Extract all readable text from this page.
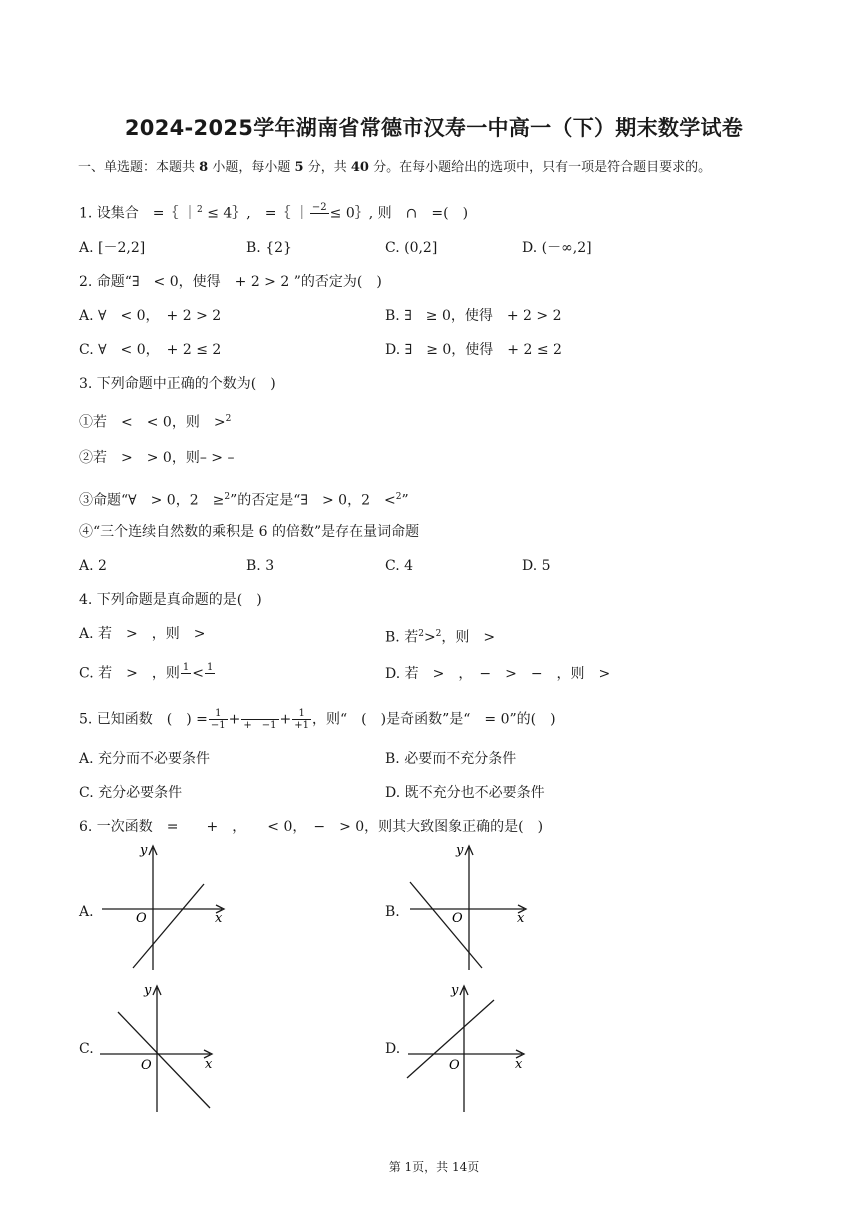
2024-2025学年湖南省常德市汉寿一中高一（下）期末数学试卷
一、单选题：本题共 8 小题，每小题 5 分，共 40 分。在每小题给出的选项中，只有一项是符合题目要求的。
1. 设集合　=｛ ｜$^2$ ≤ 4｝,　=｛ ｜ −2
≤ 0｝, 则　∩　=(　)
A. [－2,2]	B. {2}	C. (0,2]	D. (－∞,2]
2. 命题“∃　< 0，使得　+ 2 > 2 ”的否定为(　)
A. ∀　< 0，　+ 2 > 2	B. ∃　≥ 0，使得　+ 2 > 2
C. ∀　< 0，　+ 2 ≤ 2	D. ∃　≥ 0，使得　+ 2 ≤ 2
3. 下列命题中正确的个数为(　)
①若　<　< 0，则　>$^2$
②若　>　> 0，则– > –
③命题“∀　> 0，2　≥$^2$”的否定是“∃　> 0，2　<$^2$”
④“三个连续自然数的乘积是 6 的倍数”是存在量词命题
A. 2	B. 3	C. 4	D. 5
4. 下列命题是真命题的是(　)
A. 若　>　，则　>	B. 若$^2$>$^2$，则　>
C. 若　>　，则 1
< 1
	D. 若　>　，　−　>　−　，则　>
5. 已知函数　(　) = $\frac{1}{-1}$ +
+　$-1 + \frac{1}{+1}$ ，则“　(　)是奇函数”是“　= 0”的(　)
A. 充分而不必要条件	B. 必要而不充分条件
C. 充分必要条件	D. 既不充分也不必要条件
6. 一次函数　=　　+　，　　< 0，　−　> 0，则其大致图象正确的是(　)
A.
y
x
O	B.
y
x
O
C.
y
x
O
D.
y
x
O
第 1页，共 14页
